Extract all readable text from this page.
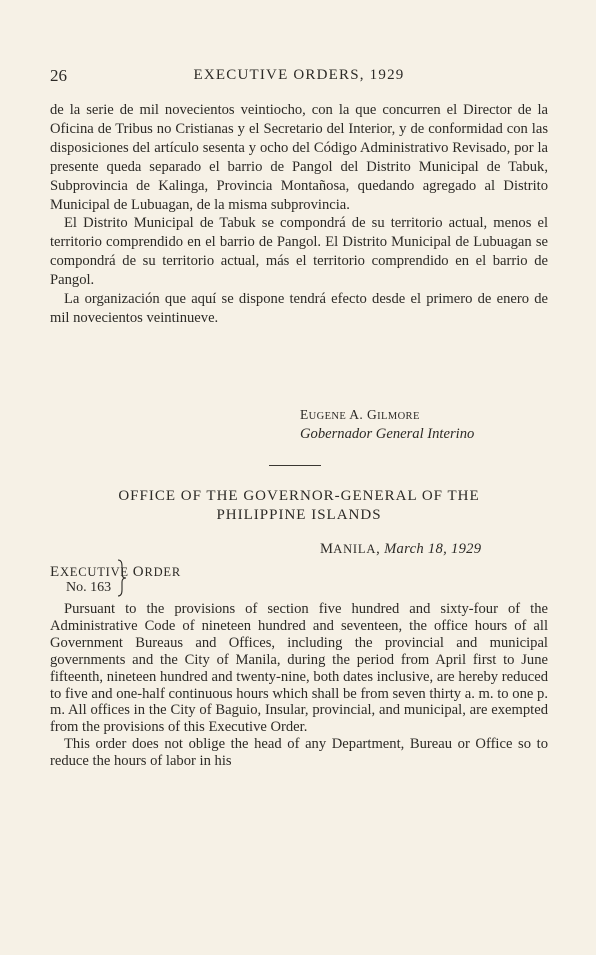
26	EXECUTIVE ORDERS, 1929

de la serie de mil novecientos veintiocho, con la que concurren el Director de la Oficina de Tribus no Cristianas y el Secretario del Interior, y de conformidad con las disposiciones del artículo sesenta y ocho del Código Administrativo Revisado, por la presente queda separado el barrio de Pangol del Distrito Municipal de Tabuk, Subprovincia de Kalinga, Provincia Montañosa, quedando agregado al Distrito Municipal de Lubuagan, de la misma subprovincia.

El Distrito Municipal de Tabuk se compondrá de su territorio actual, menos el territorio comprendido en el barrio de Pangol. El Distrito Municipal de Lubuagan se compondrá de su territorio actual, más el territorio comprendido en el barrio de Pangol.

La organización que aquí se dispone tendrá efecto desde el primero de enero de mil novecientos veintinueve.

EUGENE A. GILMORE
Gobernador General Interino
OFFICE OF THE GOVERNOR-GENERAL OF THE
PHILIPPINE ISLANDS
MANILA, March 18, 1929
EXECUTIVE ORDER
No. 163

Pursuant to the provisions of section five hundred and sixty-four of the Administrative Code of nineteen hundred and seventeen, the office hours of all Government Bureaus and Offices, including the provincial and municipal governments and the City of Manila, during the period from April first to June fifteenth, nineteen hundred and twenty-nine, both dates inclusive, are hereby reduced to five and one-half continuous hours which shall be from seven thirty a. m. to one p. m. All offices in the City of Baguio, Insular, provincial, and municipal, are exempted from the provisions of this Executive Order.

This order does not oblige the head of any Department, Bureau or Office so to reduce the hours of labor in his
